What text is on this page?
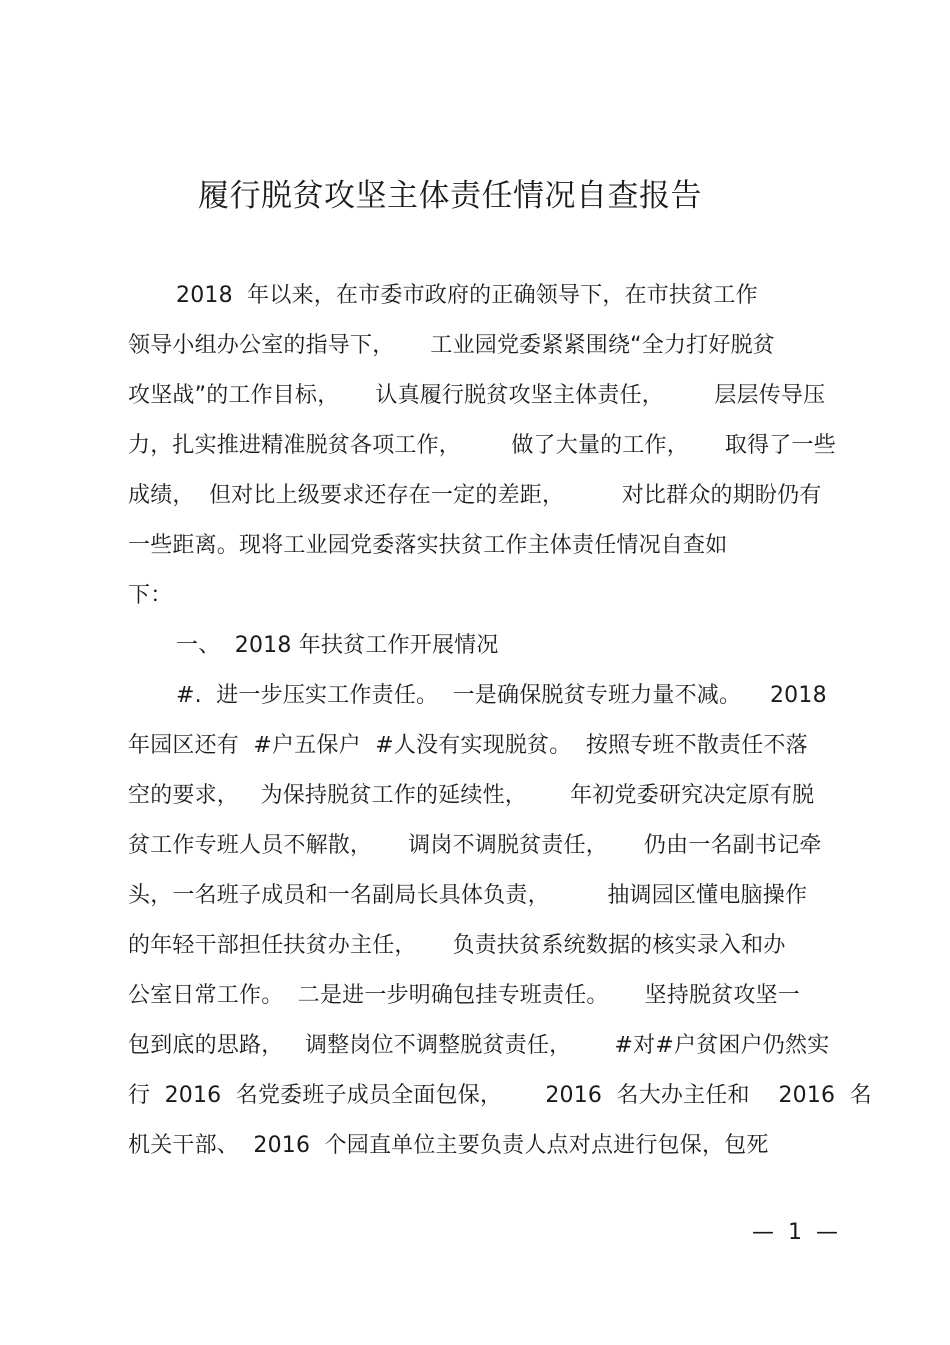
履行脱贫攻坚主体责任情况自查报告
2018  年以来，在市委市政府的正确领导下，在市扶贫工作
领导小组办公室的指导下，     工业园党委紧紧围绕“全力打好脱贫
攻坚战”的工作目标，     认真履行脱贫攻坚主体责任，       层层传导压
力，扎实推进精准脱贫各项工作，       做了大量的工作，     取得了一些
成绩，  但对比上级要求还存在一定的差距，        对比群众的期盼仍有
一些距离。现将工业园党委落实扶贫工作主体责任情况自查如
下：
一、  2018 年扶贫工作开展情况
#.  进一步压实工作责任。  一是确保脱贫专班力量不减。    2018
年园区还有  #户五保户  #人没有实现脱贫。  按照专班不散责任不落
空的要求，   为保持脱贫工作的延续性，      年初党委研究决定原有脱
贫工作专班人员不解散，     调岗不调脱贫责任，     仍由一名副书记牵
头，一名班子成员和一名副局长具体负责，        抽调园区懂电脑操作
的年轻干部担任扶贫办主任，     负责扶贫系统数据的核实录入和办
公室日常工作。  二是进一步明确包挂专班责任。     坚持脱贫攻坚一
包到底的思路，   调整岗位不调整脱贫责任，      #对#户贫困户仍然实
行  2016  名党委班子成员全面包保，      2016  名大办主任和    2016  名
机关干部、  2016  个园直单位主要负责人点对点进行包保，包死
—  1  —
